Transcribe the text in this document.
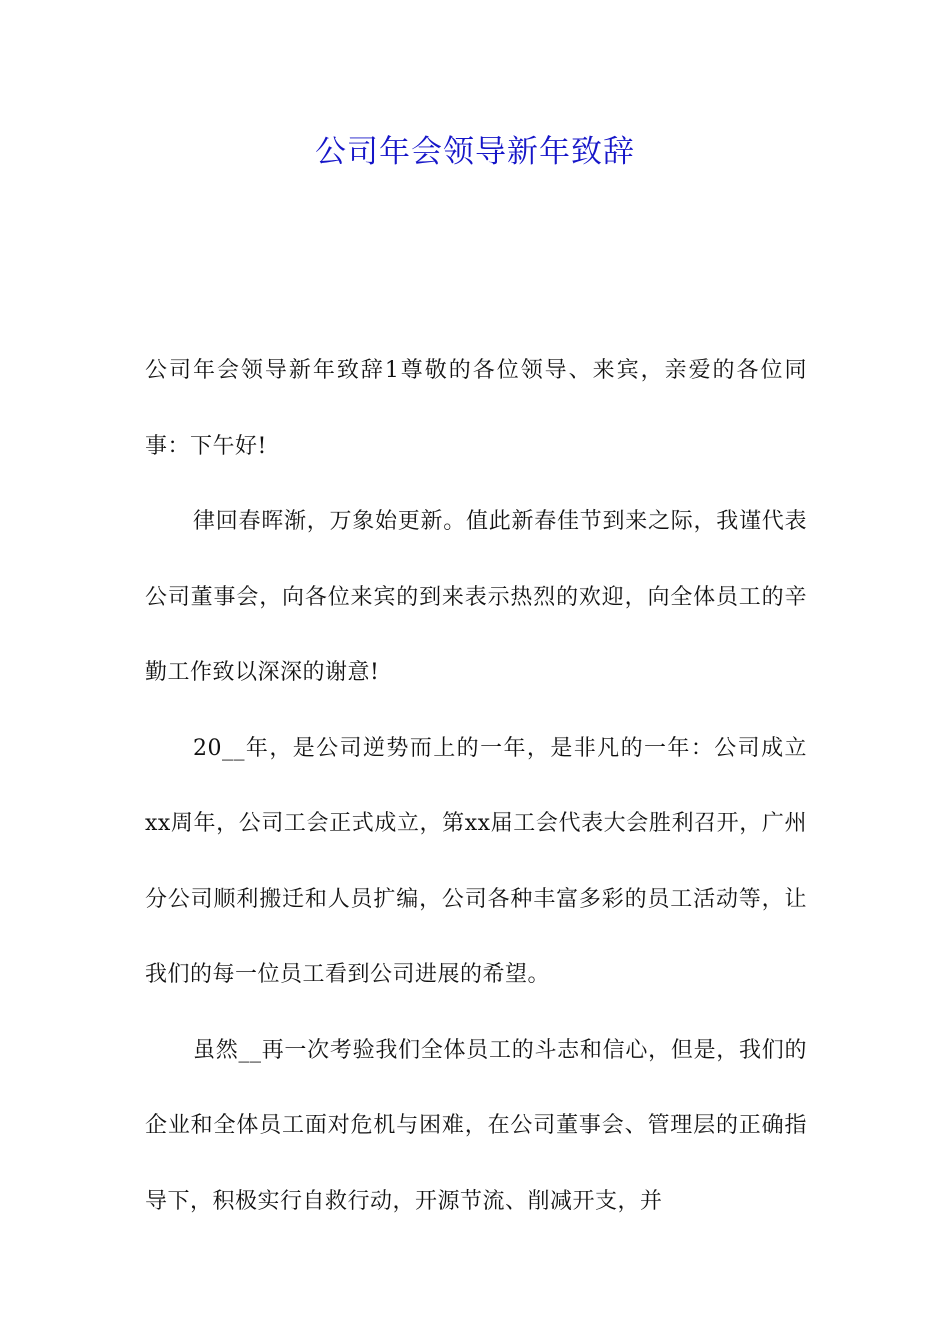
公司年会领导新年致辞

公司年会领导新年致辞1尊敬的各位领导、来宾，亲爱的各位同事：下午好!

律回春晖渐，万象始更新。值此新春佳节到来之际，我谨代表公司董事会，向各位来宾的到来表示热烈的欢迎，向全体员工的辛勤工作致以深深的谢意!

20__年，是公司逆势而上的一年，是非凡的一年：公司成立xx周年，公司工会正式成立，第xx届工会代表大会胜利召开，广州分公司顺利搬迁和人员扩编，公司各种丰富多彩的员工活动等，让我们的每一位员工看到公司进展的希望。

虽然__再一次考验我们全体员工的斗志和信心，但是，我们的企业和全体员工面对危机与困难，在公司董事会、管理层的正确指导下，积极实行自救行动，开源节流、削减开支，并
